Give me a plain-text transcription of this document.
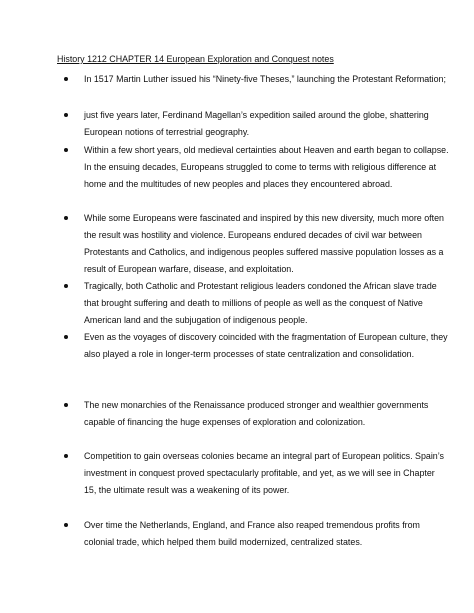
History 1212 CHAPTER 14 European Exploration and Conquest notes

In 1517 Martin Luther issued his “Ninety-five Theses,” launching the Protestant Reformation;

just five years later, Ferdinand Magellan’s expedition sailed around the globe, shattering European notions of terrestrial geography.

Within a few short years, old medieval certainties about Heaven and earth began to collapse. In the ensuing decades, Europeans struggled to come to terms with religious difference at home and the multitudes of new peoples and places they encountered abroad.

While some Europeans were fascinated and inspired by this new diversity, much more often the result was hostility and violence. Europeans endured decades of civil war between Protestants and Catholics, and indigenous peoples suffered massive population losses as a result of European warfare, disease, and exploitation.

Tragically, both Catholic and Protestant religious leaders condoned the African slave trade that brought suffering and death to millions of people as well as the conquest of Native American land and the subjugation of indigenous people.

Even as the voyages of discovery coincided with the fragmentation of European culture, they also played a role in longer-term processes of state centralization and consolidation.

The new monarchies of the Renaissance produced stronger and wealthier governments capable of financing the huge expenses of exploration and colonization.

Competition to gain overseas colonies became an integral part of European politics. Spain’s investment in conquest proved spectacularly profitable, and yet, as we will see in Chapter 15, the ultimate result was a weakening of its power.

Over time the Netherlands, England, and France also reaped tremendous profits from colonial trade, which helped them build modernized, centralized states.
